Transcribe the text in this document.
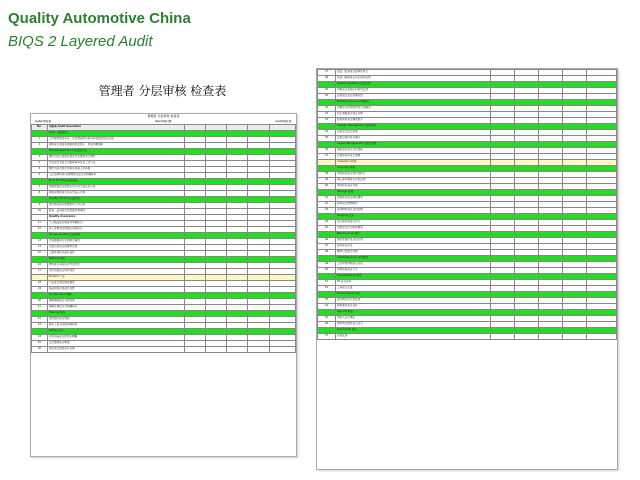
Quality Automotive China
BIQS 2 Layered Audit
管理者 分层审核 检查表
管理者 分层审核 检查表
Auditor/审核者:	Date/审核日期:	Area/审核区域:
No.	审核项 Audit Questions					
	Core - 基础要求					
1	工作现场整洁有序，所有物品均有标识并放置在规定位置					
2	现场是否张贴有最新的质量警示、质量问题通报					
	Standardized Work 标准化作业					
3	操作员是否按照标准化作业要求进行操作					
4	作业指导书是否为最新版本并在工位可见					
5	操作员是否经过培训并具备上岗资格					
6	工位关键特性/关键控制点是否有明确标识					
	Error Proofing 防错验证					
7	防错装置是否按规定进行每日验证并记录					
8	防错失效时是否有应急反应计划					
	Quality Control 质量控制					
9	首件检验是否按要求执行并记录					
10	检具、量具是否在校准有效期内					
	Quality Assurance					
11	不合格品是否隔离并明确标识					
12	返工返修是否按规定流程执行					
	Process Control 过程控制					
13	过程参数是否在控制范围内					
14	设备点检是否按要求完成					
15	工装夹具状态是否良好					
	Material 物料					
16	物料是否有标识并先进先出					
17	零件包装是否防护到位					
	Product 产品					
18	产品是否满足顾客要求					
19	成品检验记录是否完整					
	Containment 遏制					
20	遏制措施是否有效实施					
21	遏制区域是否有明确标识					
	Training 培训					
22	培训矩阵是否更新					
23	新员工是否完成岗前培训					
	Safety 安全					
24	劳保用品是否按规定佩戴					
25	安全通道是否畅通					
26	紧急停止按钮是否有效					
27	质量门检查是否按频次执行					
28	质量门缺陷是否有记录并反馈					
	Quality Feedback 质量反馈					
29	问题是否在规定时间内反馈					
30	反馈信息是否准确完整					
	Problem Solving 问题解决					
31	问题是否使用结构化方法解决					
32	纠正措施是否验证有效					
33	经验教训是否横向展开					
	Change Management 变更管理					
34	变更是否经过批准					
35	变更后首件是否确认					
	Visual Management 目视化管理					
36	看板信息是否及时更新					
37	目视化标识是否清晰					
	Inspection 检验					
	Incoming 来料					
38	来料检验是否按计划执行					
39	供应商问题是否及时反馈					
40	来料标识是否完整					
	Storage 存储					
41	存储条件是否满足要求					
42	库存是否账物相符					
43	呆滞物料是否及时处理					
	Shipping 发运					
44	发运前检验是否执行					
45	包装是否符合顾客要求					
	Maintenance 维护					
46	预防性维护是否按计划					
47	备件是否充足					
48	维修记录是否完整					
	Audit Follow-up 审核跟进					
49	上次审核问题是否关闭					
50	审核结果是否公示					
	Housekeeping 现场					
51	5S 是否保持					
52	工具是否定置					
	Environment 环境					
53	废弃物是否分类处理					
54	照明通风是否良好					
	Sign-off 确认					
55	审核人签字确认					
56	被审核区域负责人签字					
	Comments 备注					
57	其他发现					
